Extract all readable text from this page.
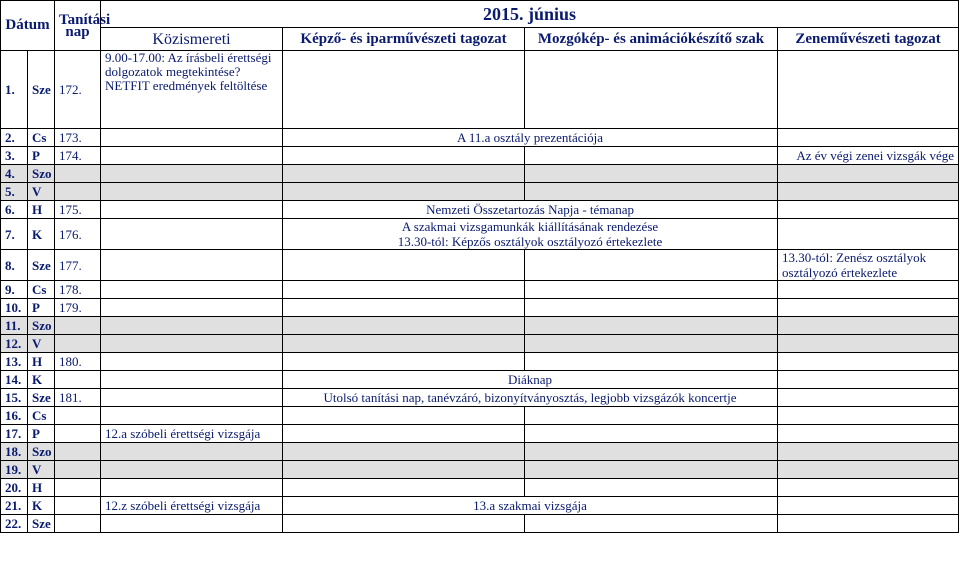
Dátum		Tanítási nap	2015. június			
			Közismereti	Képző- és iparművészeti tagozat	Mozgókép- és animációkészítő szak	Zeneművészeti tagozat
1.	Sze	172.	9.00-17.00: Az írásbeli érettségi dolgozatok megtekintése?
NETFIT eredmények feltöltése			
2.	Cs	173.		A 11.a osztály prezentációja		
3.	P	174.				Az év végi zenei vizsgák vége
4.	Szo					
5.	V					
6.	H	175.		Nemzeti Összetartozás Napja - témanap		
7.	K	176.		A szakmai vizsgamunkák kiállításának rendezése
13.30-tól: Képzős osztályok osztályozó értekezlete		
8.	Sze	177.				13.30-tól: Zenész osztályok osztályozó értekezlete
9.	Cs	178.				
10.	P	179.				
11.	Szo					
12.	V					
13.	H	180.				
14.	K			Diáknap		
15.	Sze	181.		Utolsó tanítási nap, tanévzáró, bizonyítványosztás, legjobb vizsgázók koncertje		
16.	Cs					
17.	P		12.a szóbeli érettségi vizsgája			
18.	Szo					
19.	V					
20.	H					
21.	K		12.z szóbeli érettségi vizsgája	13.a szakmai vizsgája		
22.	Sze					
